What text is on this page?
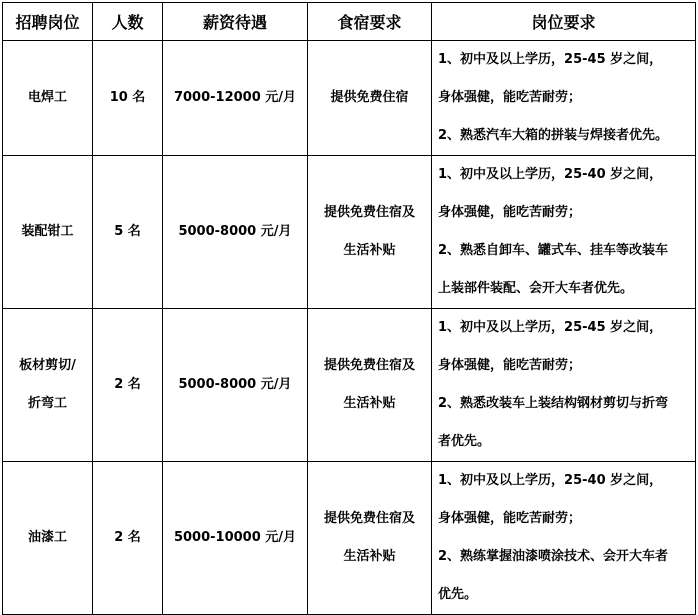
招聘岗位	人数	薪资待遇	食宿要求	岗位要求

电焊工	10 名	7000-12000 元/月	提供免费住宿	1、初中及以上学历，25-45 岁之间，
身体强健，能吃苦耐劳；
2、熟悉汽车大箱的拼装与焊接者优先。

装配钳工	5 名	5000-8000 元/月	提供免费住宿及
生活补贴	1、初中及以上学历，25-40 岁之间，
身体强健，能吃苦耐劳；
2、熟悉自卸车、罐式车、挂车等改装车
上装部件装配、会开大车者优先。

板材剪切/
折弯工	2 名	5000-8000 元/月	提供免费住宿及
生活补贴	1、初中及以上学历，25-45 岁之间，
身体强健，能吃苦耐劳；
2、熟悉改装车上装结构钢材剪切与折弯
者优先。

油漆工	2 名	5000-10000 元/月	提供免费住宿及
生活补贴	1、初中及以上学历，25-40 岁之间，
身体强健，能吃苦耐劳；
2、熟练掌握油漆喷涂技术、会开大车者
优先。
